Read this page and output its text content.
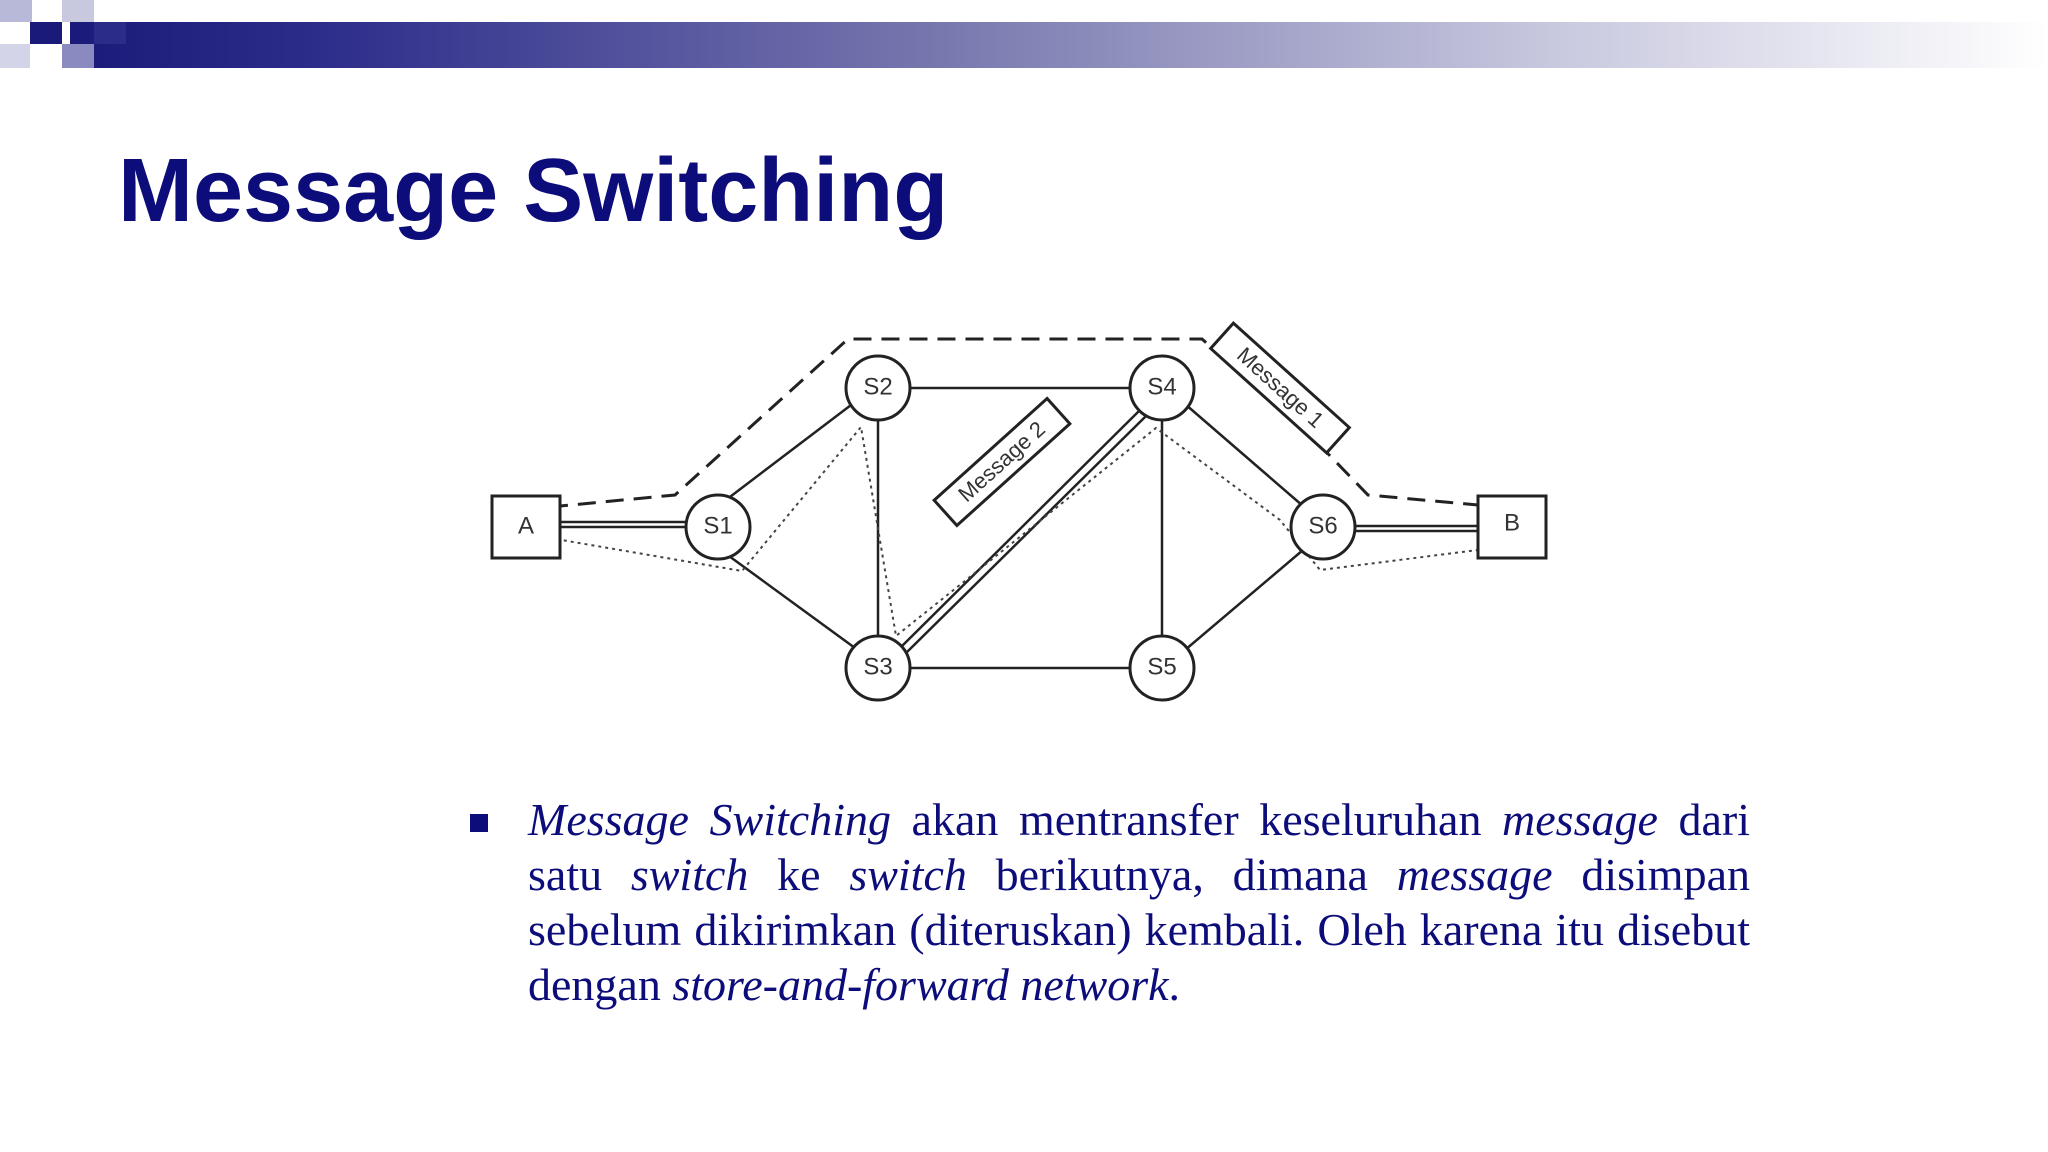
Message Switching
A	B
S1
S2
S3
S4
S5
S6
Message 2
Message 1

Message Switching akan mentransfer keseluruhan message dari satu switch ke switch berikutnya, dimana message disimpan sebelum dikirimkan (diteruskan) kembali. Oleh karena itu disebut dengan store-and-forward network.
